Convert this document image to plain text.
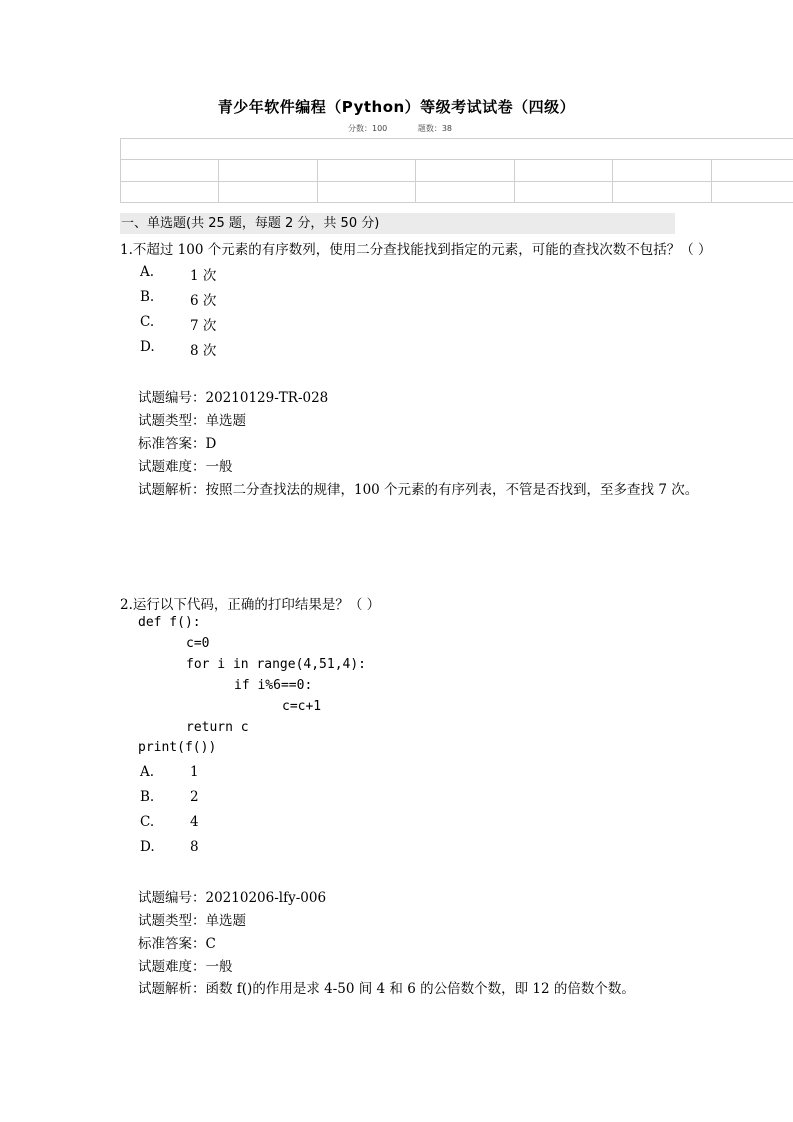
青少年软件编程（Python）等级考试试卷（四级）
分数：100	题数：38

一、单选题(共 25 题，每题 2 分，共 50 分)
1.不超过 100 个元素的有序数列，使用二分查找能找到指定的元素，可能的查找次数不包括？（ ）
A.	1 次
B.	6 次
C.	7 次
D.	8 次
试题编号：20210129-TR-028
试题类型：单选题
标准答案：D
试题难度：一般
试题解析：按照二分查找法的规律，100 个元素的有序列表，不管是否找到，至多查找 7 次。
2.运行以下代码，正确的打印结果是？（ ）
def f():
c=0
for i in range(4,51,4):
if i%6==0:
c=c+1
return c
print(f())
A.	1
B.	2
C.	4
D.	8
试题编号：20210206-lfy-006
试题类型：单选题
标准答案：C
试题难度：一般
试题解析：函数 f()的作用是求 4-50 间 4 和 6 的公倍数个数，即 12 的倍数个数。
